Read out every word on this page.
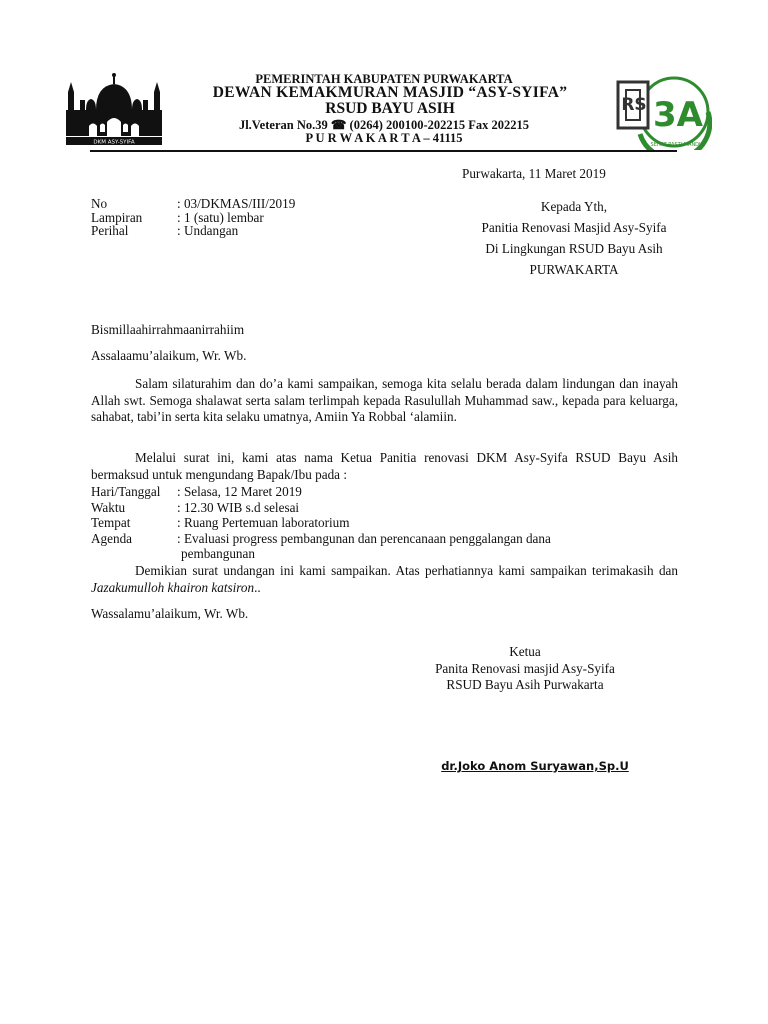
DKM ASY-SYIFA
RS 3A
SEHAT PASTI MANDIRI
PEMERINTAH KABUPATEN PURWAKARTA
DEWAN KEMAKMURAN MASJID “ASY-SYIFA”
RSUD BAYU ASIH
Jl.Veteran No.39 ☎ (0264) 200100-202215 Fax 202215
P U R W A K A R T A – 41115
Purwakarta, 11 Maret 2019
No	: 03/DKMAS/III/2019
Lampiran	: 1 (satu) lembar
Perihal	: Undangan
Kepada Yth,
Panitia Renovasi Masjid Asy-Syifa
Di Lingkungan RSUD Bayu Asih
PURWAKARTA
Bismillaahirrahmaanirrahiim
Assalaamu’alaikum, Wr. Wb.
Salam silaturahim dan do’a kami sampaikan, semoga kita selalu berada dalam lindungan dan inayah Allah swt. Semoga shalawat serta salam terlimpah kepada Rasulullah Muhammad saw., kepada para keluarga, sahabat, tabi’in serta kita selaku umatnya, Amiin Ya Robbal ‘alamiin.
Melalui surat ini, kami atas nama Ketua Panitia renovasi DKM Asy-Syifa RSUD Bayu Asih bermaksud untuk mengundang Bapak/Ibu pada :
Hari/Tanggal : Selasa, 12 Maret 2019
Waktu	: 12.30 WIB s.d selesai
Tempat	: Ruang Pertemuan laboratorium
Agenda	: Evaluasi progress pembangunan dan perencanaan penggalangan dana
pembangunan
Demikian surat undangan ini kami sampaikan. Atas perhatiannya kami sampaikan terimakasih dan Jazakumulloh khairon katsiron..
Wassalamu’alaikum, Wr. Wb.
Ketua
Panita Renovasi masjid Asy-Syifa
RSUD Bayu Asih Purwakarta
dr.Joko Anom Suryawan,Sp.U
